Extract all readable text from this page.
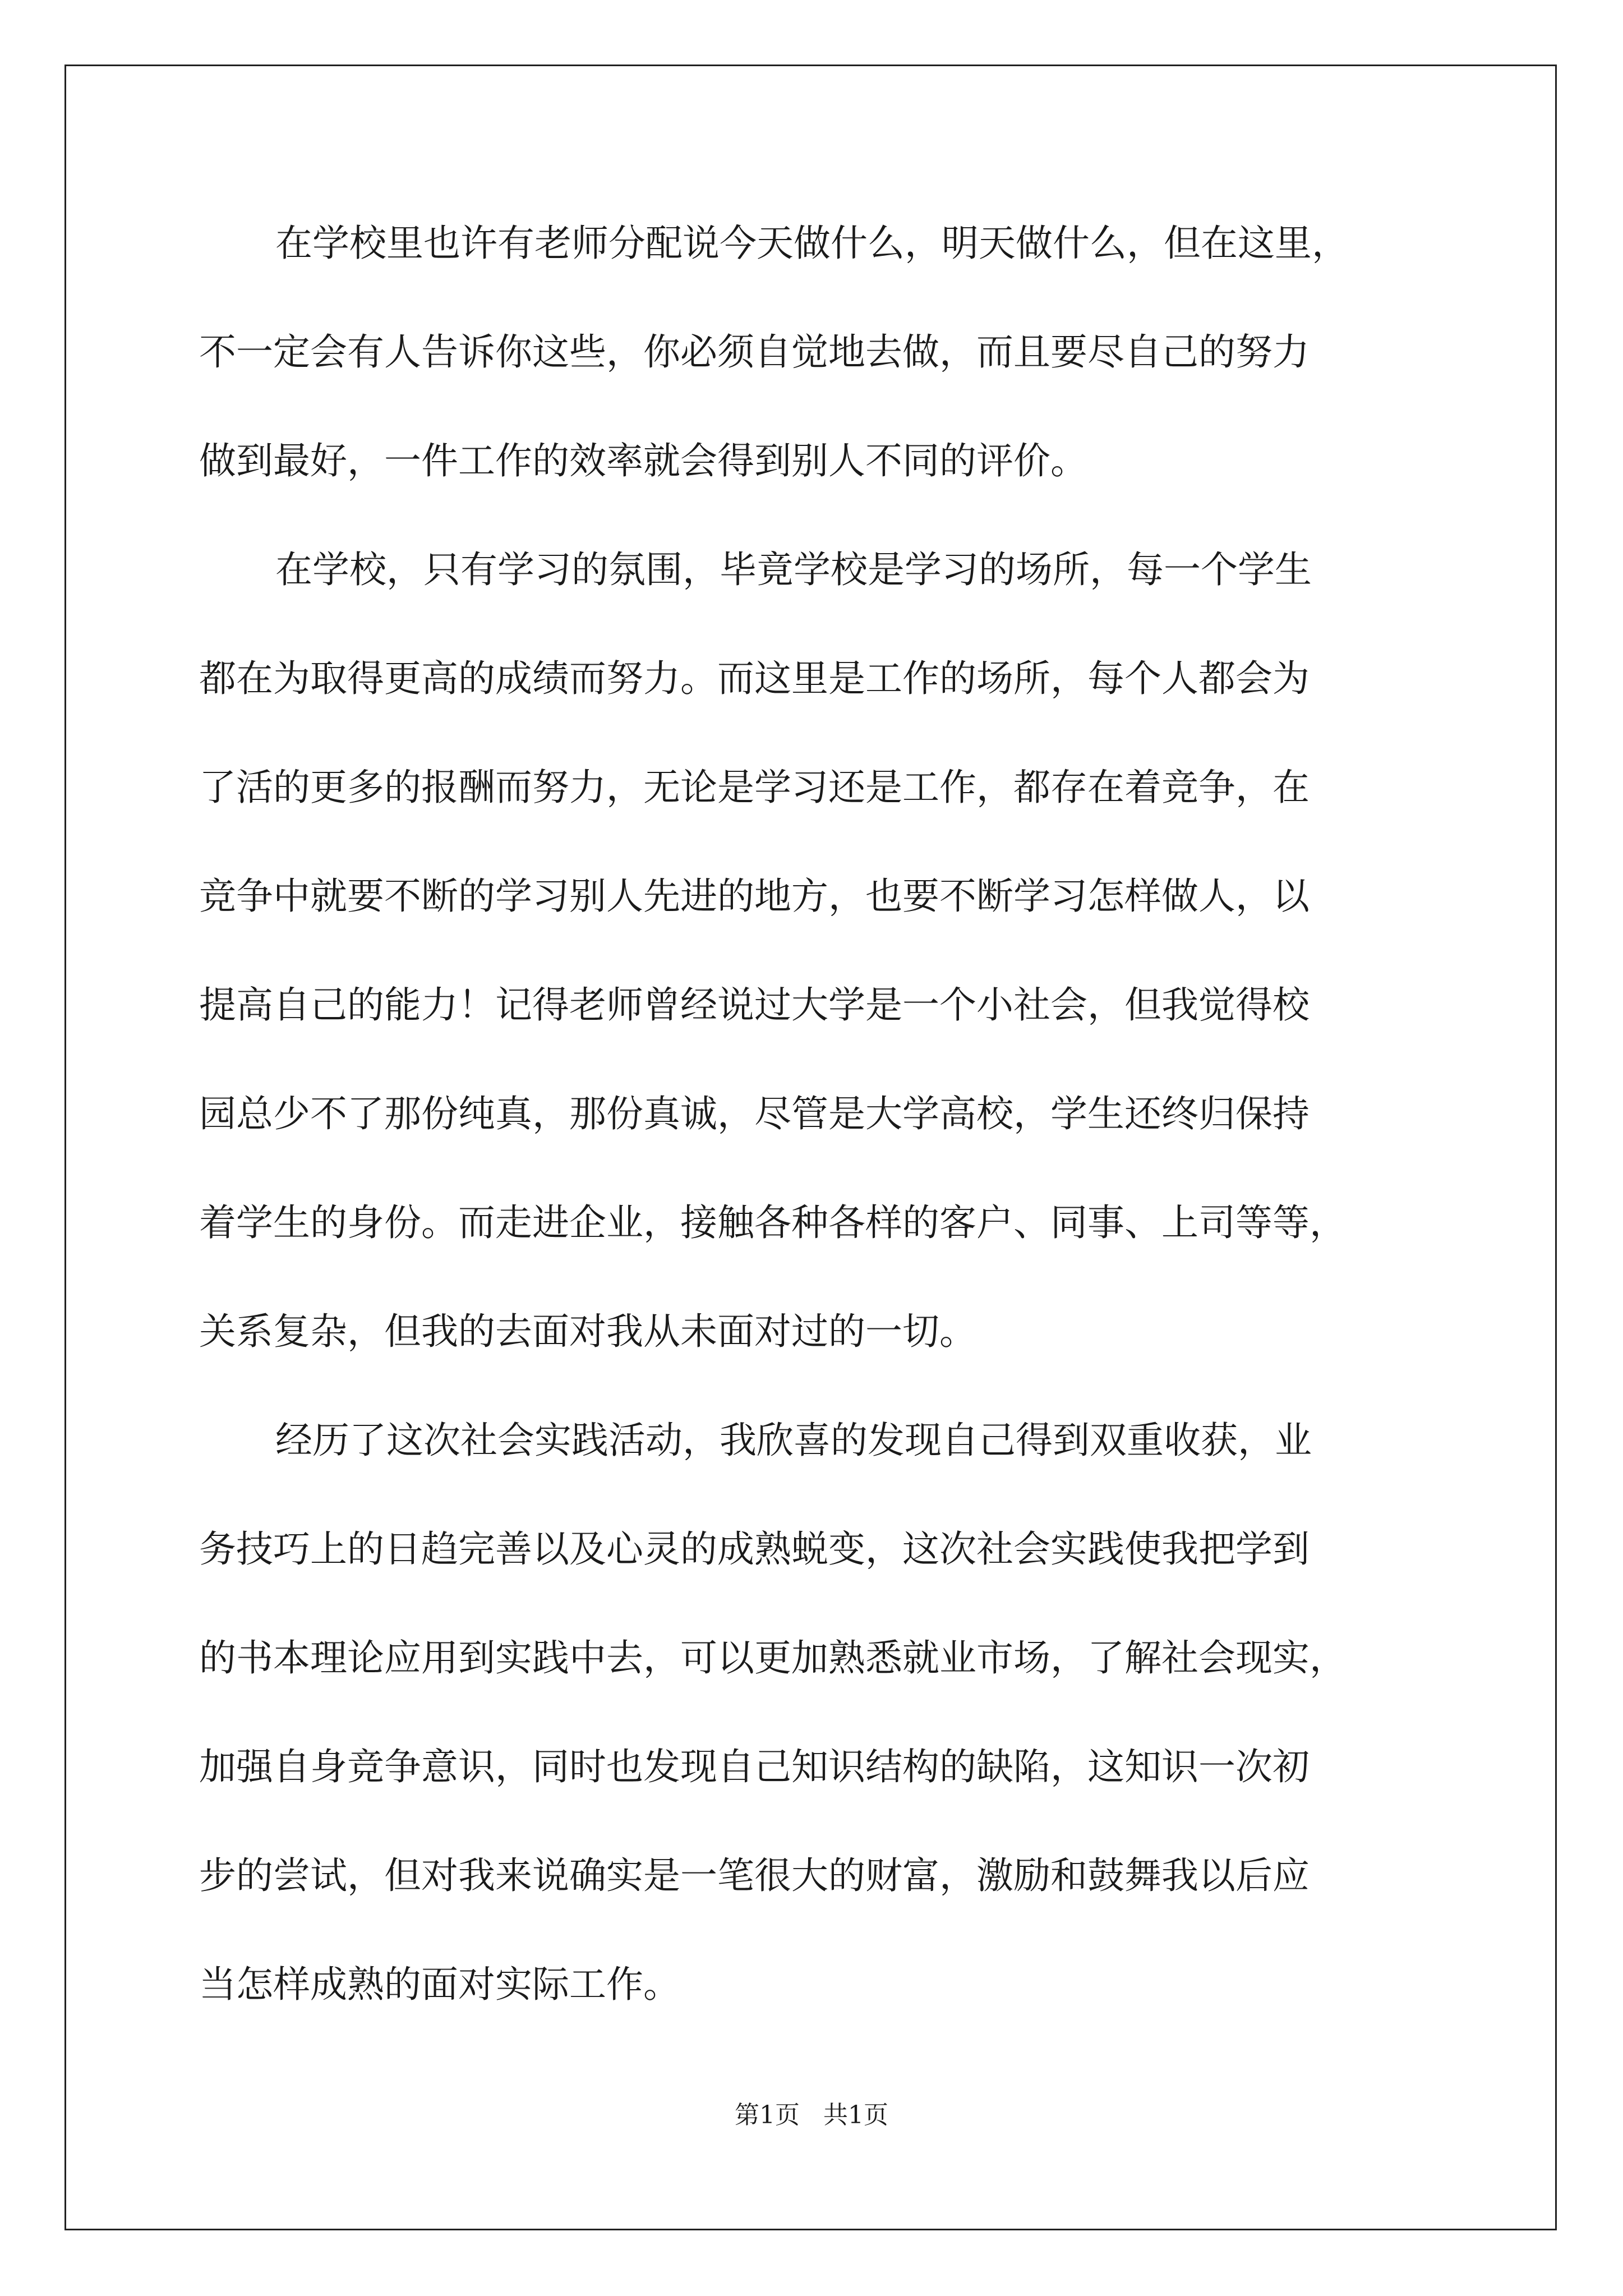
在学校里也许有老师分配说今天做什么，明天做什么，但在这里，
不一定会有人告诉你这些，你必须自觉地去做，而且要尽自己的努力
做到最好，一件工作的效率就会得到别人不同的评价。
在学校，只有学习的氛围，毕竟学校是学习的场所，每一个学生
都在为取得更高的成绩而努力。而这里是工作的场所，每个人都会为
了活的更多的报酬而努力，无论是学习还是工作，都存在着竞争，在
竞争中就要不断的学习别人先进的地方，也要不断学习怎样做人，以
提高自己的能力！记得老师曾经说过大学是一个小社会，但我觉得校
园总少不了那份纯真，那份真诚，尽管是大学高校，学生还终归保持
着学生的身份。而走进企业，接触各种各样的客户、同事、上司等等，
关系复杂，但我的去面对我从未面对过的一切。
经历了这次社会实践活动，我欣喜的发现自己得到双重收获，业
务技巧上的日趋完善以及心灵的成熟蜕变，这次社会实践使我把学到
的书本理论应用到实践中去，可以更加熟悉就业市场，了解社会现实，
加强自身竞争意识，同时也发现自己知识结构的缺陷，这知识一次初
步的尝试，但对我来说确实是一笔很大的财富，激励和鼓舞我以后应
当怎样成熟的面对实际工作。
第1页   共1页
